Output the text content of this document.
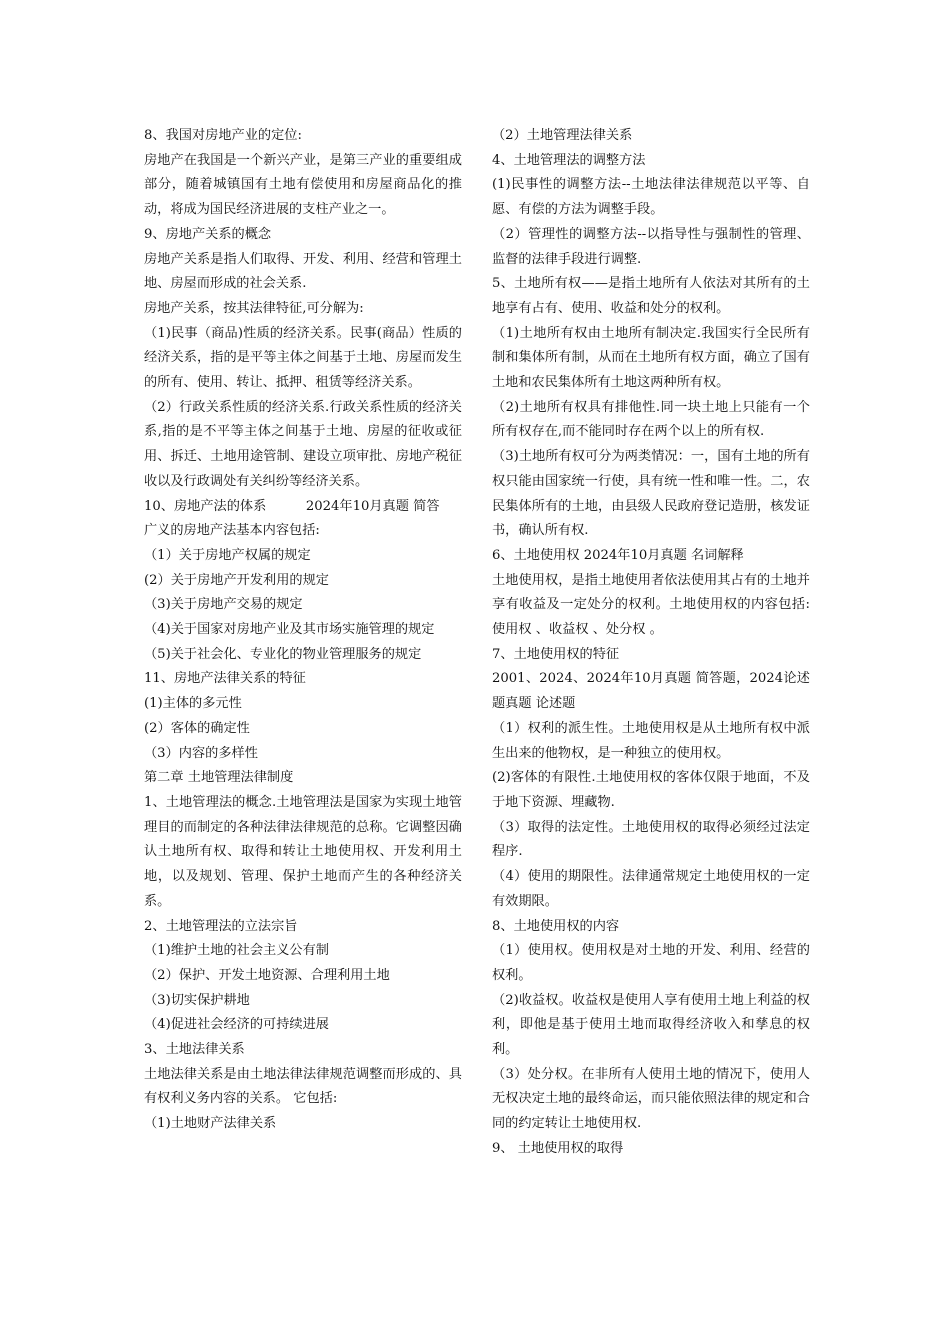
8、我国对房地产业的定位:

房地产在我国是一个新兴产业，是第三产业的重要组成部分，随着城镇国有土地有偿使用和房屋商品化的推动，将成为国民经济进展的支柱产业之一。

9、房地产关系的概念

房地产关系是指人们取得、开发、利用、经营和管理土地、房屋而形成的社会关系.

房地产关系，按其法律特征,可分解为:

（1)民事（商品)性质的经济关系。民事(商品）性质的经济关系，指的是平等主体之间基于土地、房屋而发生的所有、使用、转让、抵押、租赁等经济关系。

（2）行政关系性质的经济关系.行政关系性质的经济关系,指的是不平等主体之间基于土地、房屋的征收或征用、拆迁、土地用途管制、建设立项审批、房地产税征收以及行政调处有关纠纷等经济关系。

10、房地产法的体系　　　2024年10月真题 简答

广义的房地产法基本内容包括:

（1）关于房地产权属的规定

(2）关于房地产开发利用的规定

（3)关于房地产交易的规定

（4)关于国家对房地产业及其市场实施管理的规定

（5)关于社会化、专业化的物业管理服务的规定

11、房地产法律关系的特征

(1)主体的多元性

(2）客体的确定性

（3）内容的多样性

第二章 土地管理法律制度

1、土地管理法的概念.土地管理法是国家为实现土地管理目的而制定的各种法律法律规范的总称。它调整因确认土地所有权、取得和转让土地使用权、开发利用土地，以及规划、管理、保护土地而产生的各种经济关系。

2、土地管理法的立法宗旨

（1)维护土地的社会主义公有制

（2）保护、开发土地资源、合理利用土地

（3)切实保护耕地

（4)促进社会经济的可持续进展

3、土地法律关系

土地法律关系是由土地法律法律规范调整而形成的、具有权利义务内容的关系。 它包括:

（1)土地财产法律关系

（2）土地管理法律关系

4、土地管理法的调整方法

(1)民事性的调整方法--土地法律法律规范以平等、自愿、有偿的方法为调整手段。

（2）管理性的调整方法--以指导性与强制性的管理、监督的法律手段进行调整.

5、土地所有权——是指土地所有人依法对其所有的土地享有占有、使用、收益和处分的权利。

（1)土地所有权由土地所有制决定.我国实行全民所有制和集体所有制，从而在土地所有权方面，确立了国有土地和农民集体所有土地这两种所有权。

（2)土地所有权具有排他性.同一块土地上只能有一个所有权存在,而不能同时存在两个以上的所有权.

（3)土地所有权可分为两类情况：一，国有土地的所有权只能由国家统一行使，具有统一性和唯一性。二，农民集体所有的土地，由县级人民政府登记造册，核发证书，确认所有权.

6、土地使用权 2024年10月真题 名词解释

土地使用权，是指土地使用者依法使用其占有的土地并享有收益及一定处分的权利。土地使用权的内容包括:使用权 、收益权 、处分权 。

7、土地使用权的特征

2001、2024、2024年10月真题 简答题，2024论述题真题 论述题

（1）权利的派生性。土地使用权是从土地所有权中派生出来的他物权，是一种独立的使用权。

(2)客体的有限性.土地使用权的客体仅限于地面，不及于地下资源、埋藏物.

（3）取得的法定性。土地使用权的取得必须经过法定程序.

（4）使用的期限性。法律通常规定土地使用权的一定有效期限。

8、土地使用权的内容

（1）使用权。使用权是对土地的开发、利用、经营的权利。

（2)收益权。收益权是使用人享有使用土地上利益的权利，即他是基于使用土地而取得经济收入和孳息的权利。

（3）处分权。在非所有人使用土地的情况下，使用人无权决定土地的最终命运，而只能依照法律的规定和合同的约定转让土地使用权.

9、 土地使用权的取得
